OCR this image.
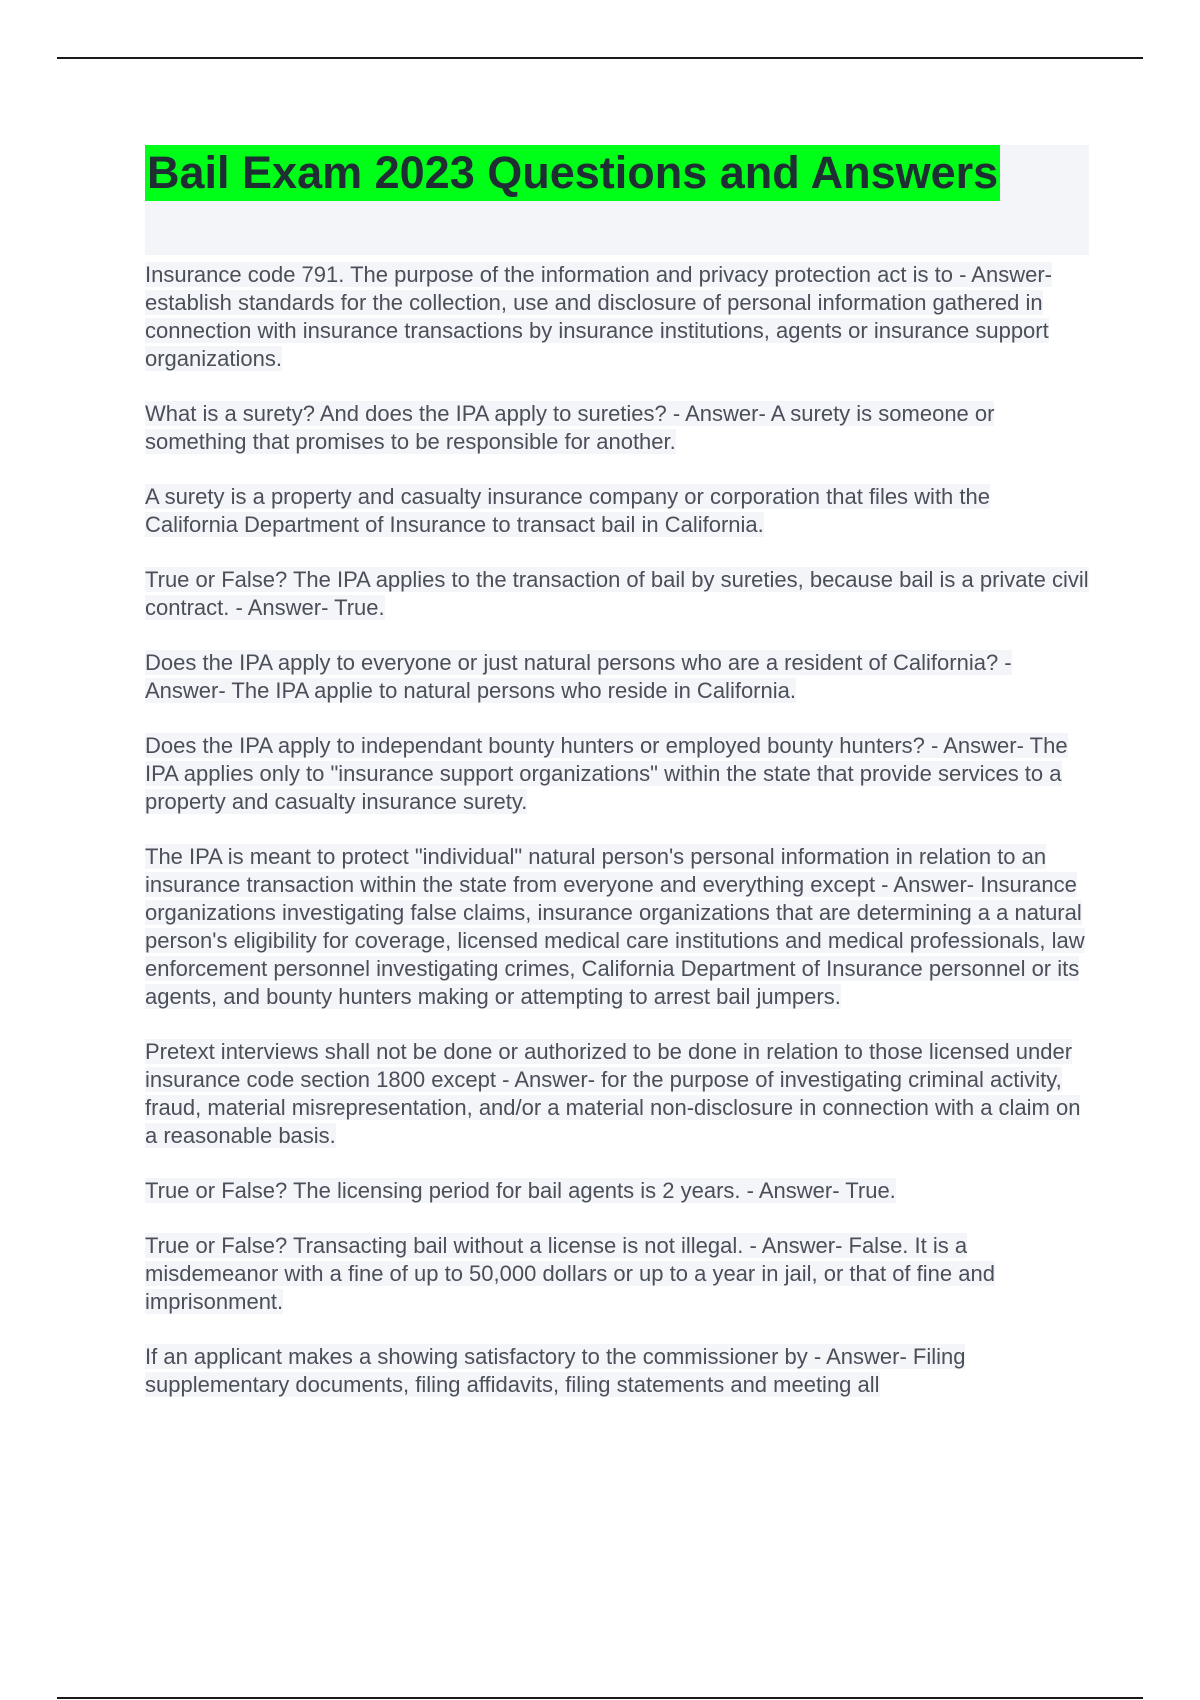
Bail Exam 2023 Questions and Answers

Insurance code 791. The purpose of the information and privacy protection act is to - Answer- establish standards for the collection, use and disclosure of personal information gathered in connection with insurance transactions by insurance institutions, agents or insurance support organizations.

What is a surety? And does the IPA apply to sureties? - Answer- A surety is someone or something that promises to be responsible for another.

A surety is a property and casualty insurance company or corporation that files with the California Department of Insurance to transact bail in California.

True or False? The IPA applies to the transaction of bail by sureties, because bail is a private civil contract. - Answer- True.

Does the IPA apply to everyone or just natural persons who are a resident of California? - Answer- The IPA applie to natural persons who reside in California.

Does the IPA apply to independant bounty hunters or employed bounty hunters? - Answer- The IPA applies only to "insurance support organizations" within the state that provide services to a property and casualty insurance surety.

The IPA is meant to protect "individual" natural person's personal information in relation to an insurance transaction within the state from everyone and everything except - Answer- Insurance organizations investigating false claims, insurance organizations that are determining a a natural person's eligibility for coverage, licensed medical care institutions and medical professionals, law enforcement personnel investigating crimes, California Department of Insurance personnel or its agents, and bounty hunters making or attempting to arrest bail jumpers.

Pretext interviews shall not be done or authorized to be done in relation to those licensed under insurance code section 1800 except - Answer- for the purpose of investigating criminal activity, fraud, material misrepresentation, and/or a material non-disclosure in connection with a claim on a reasonable basis.

True or False? The licensing period for bail agents is 2 years. - Answer- True.

True or False? Transacting bail without a license is not illegal. - Answer- False. It is a misdemeanor with a fine of up to 50,000 dollars or up to a year in jail, or that of fine and imprisonment.

If an applicant makes a showing satisfactory to the commissioner by - Answer- Filing supplementary documents, filing affidavits, filing statements and meeting all
